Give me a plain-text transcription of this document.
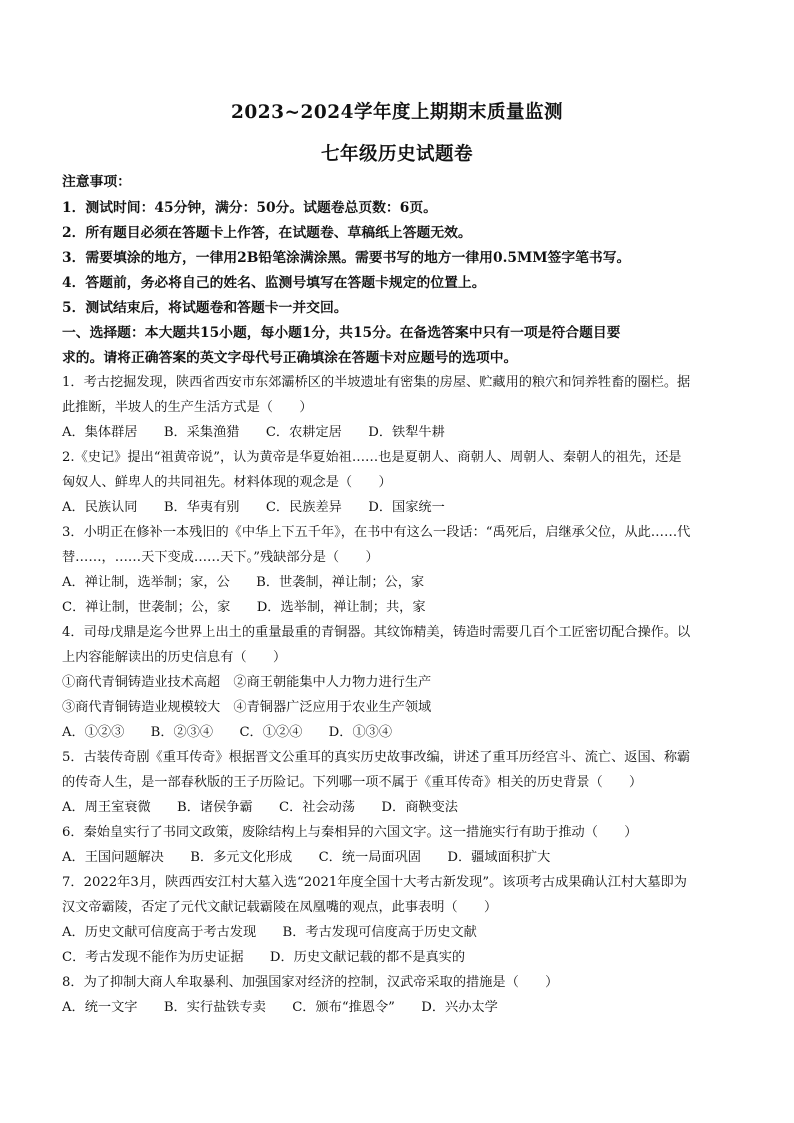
2023~2024学年度上期期末质量监测
七年级历史试题卷
注意事项：
1．测试时间：45分钟，满分：50分。试题卷总页数：6页。
2．所有题目必须在答题卡上作答，在试题卷、草稿纸上答题无效。
3．需要填涂的地方，一律用2B铅笔涂满涂黑。需要书写的地方一律用0.5MM签字笔书写。
4．答题前，务必将自己的姓名、监测号填写在答题卡规定的位置上。
5．测试结束后，将试题卷和答题卡一并交回。
一、选择题：本大题共15小题，每小题1分，共15分。在备选答案中只有一项是符合题目要
求的。请将正确答案的英文字母代号正确填涂在答题卡对应题号的选项中。
1．考古挖掘发现，陕西省西安市东郊灞桥区的半坡遗址有密集的房屋、贮藏用的粮穴和饲养牲畜的圈栏。据
此推断，半坡人的生产生活方式是（　　）
A．集体群居　　B．采集渔猎　　C．农耕定居　　D．铁犁牛耕
2.《史记》提出“祖黄帝说”，认为黄帝是华夏始祖……也是夏朝人、商朝人、周朝人、秦朝人的祖先，还是
匈奴人、鲜卑人的共同祖先。材料体现的观念是（　　）
A．民族认同　　B．华夷有别　　C．民族差异　　D．国家统一
3．小明正在修补一本残旧的《中华上下五千年》，在书中有这么一段话：“禹死后，启继承父位，从此……代
替……，……天下变成……天下。”残缺部分是（　　）
A．禅让制，选举制；家，公　　B．世袭制，禅让制；公，家
C．禅让制，世袭制；公，家　　D．选举制，禅让制；共，家
4．司母戊鼎是迄今世界上出土的重量最重的青铜器。其纹饰精美，铸造时需要几百个工匠密切配合操作。以
上内容能解读出的历史信息有（　　）
①商代青铜铸造业技术高超　②商王朝能集中人力物力进行生产
③商代青铜铸造业规模较大　④青铜器广泛应用于农业生产领域
A．①②③　　B．②③④　　C．①②④　　D．①③④
5．古装传奇剧《重耳传奇》根据晋文公重耳的真实历史故事改编，讲述了重耳历经宫斗、流亡、返国、称霸
的传奇人生，是一部春秋版的王子历险记。下列哪一项不属于《重耳传奇》相关的历史背景（　　）
A．周王室衰微　　B．诸侯争霸　　C．社会动荡　　D．商鞅变法
6．秦始皇实行了书同文政策，废除结构上与秦相异的六国文字。这一措施实行有助于推动（　　）
A．王国问题解决　　B．多元文化形成　　C．统一局面巩固　　D．疆域面积扩大
7．2022年3月，陕西西安江村大墓入选“2021年度全国十大考古新发现”。该项考古成果确认江村大墓即为
汉文帝霸陵，否定了元代文献记载霸陵在凤凰嘴的观点，此事表明（　　）
A．历史文献可信度高于考古发现　　B．考古发现可信度高于历史文献
C．考古发现不能作为历史证据　　D．历史文献记载的都不是真实的
8．为了抑制大商人牟取暴利、加强国家对经济的控制，汉武帝采取的措施是（　　）
A．统一文字　　B．实行盐铁专卖　　C．颁布“推恩令”　　D．兴办太学
